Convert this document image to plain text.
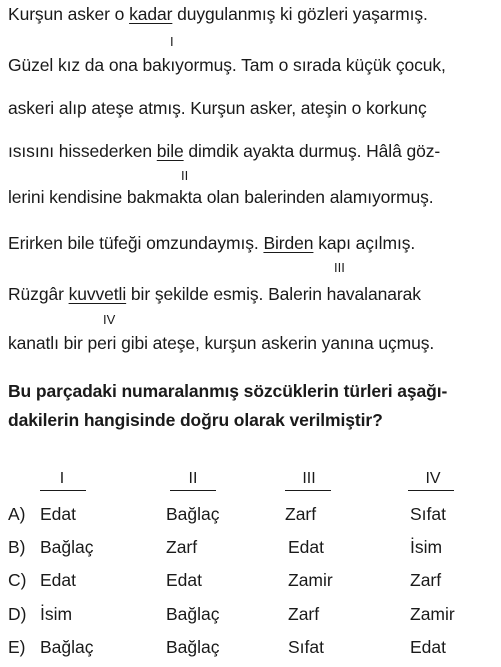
Kurşun asker o kadar duygulanmış ki gözleri yaşarmış.
I
Güzel kız da ona bakıyormuş. Tam o sırada küçük çocuk,
askeri alıp ateşe atmış. Kurşun asker, ateşin o korkunç
ısısını hissederken bile dimdik ayakta durmuş. Hâlâ göz-
II
lerini kendisine bakmakta olan balerinden alamıyormuş.
Erirken bile tüfeği omzundaymış. Birden kapı açılmış.
III
Rüzgâr kuvvetli bir şekilde esmiş. Balerin havalanarak
IV
kanatlı bir peri gibi ateşe, kurşun askerin yanına uçmuş.
Bu parçadaki numaralanmış sözcüklerin türleri aşağı-
dakilerin hangisinde doğru olarak verilmiştir?
I	II	III	IV
A) Edat	Bağlaç	Zarf	Sıfat
B) Bağlaç	Zarf	Edat	İsim
C) Edat	Edat	Zamir	Zarf
D) İsim	Bağlaç	Zarf	Zamir
E) Bağlaç	Bağlaç	Sıfat	Edat
